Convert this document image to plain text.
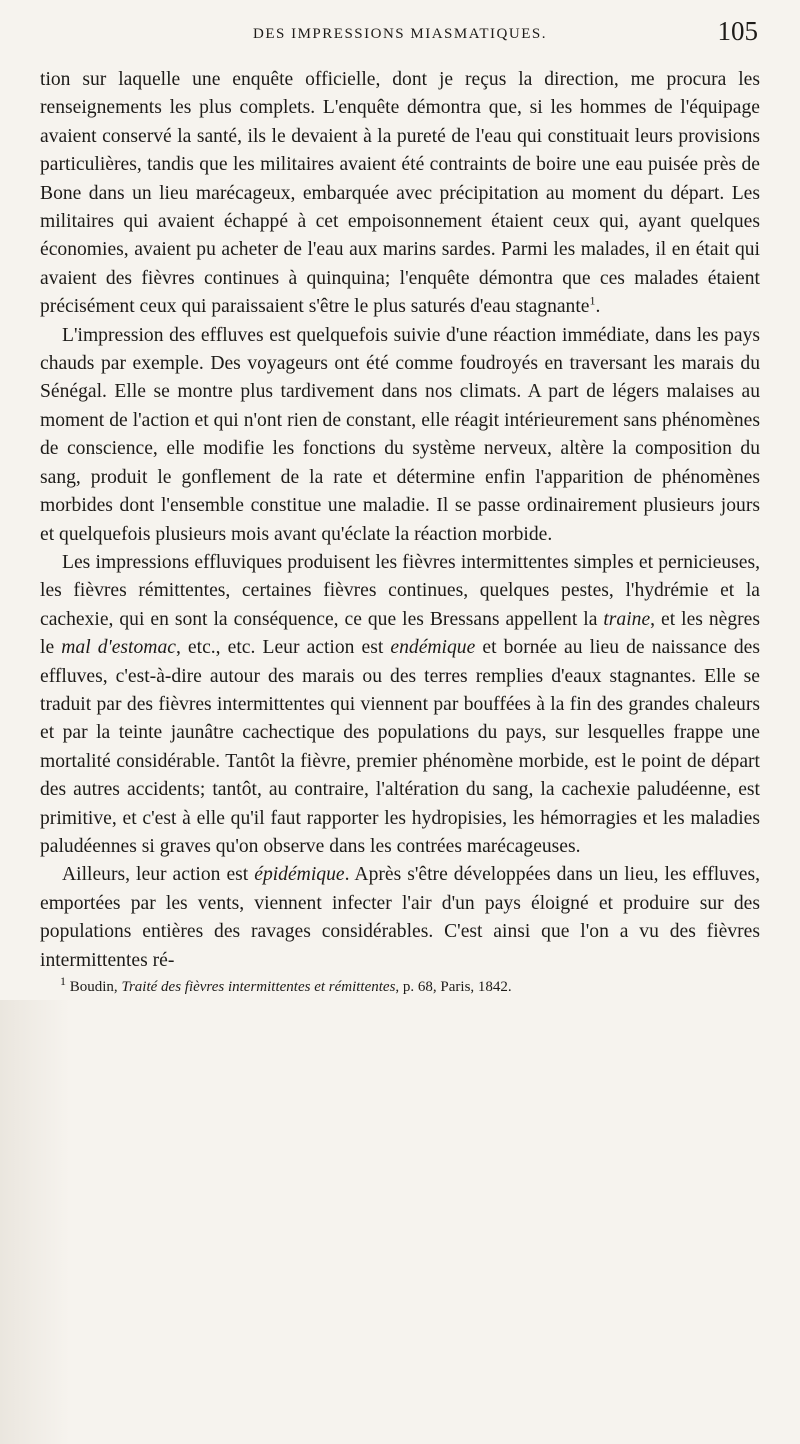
DES IMPRESSIONS MIASMATIQUES.	105

tion sur laquelle une enquête officielle, dont je reçus la direction, me procura les renseignements les plus complets. L'enquête démontra que, si les hommes de l'équipage avaient conservé la santé, ils le devaient à la pureté de l'eau qui constituait leurs provisions particulières, tandis que les militaires avaient été contraints de boire une eau puisée près de Bone dans un lieu marécageux, embarquée avec précipitation au moment du départ. Les militaires qui avaient échappé à cet empoisonnement étaient ceux qui, ayant quelques économies, avaient pu acheter de l'eau aux marins sardes. Parmi les malades, il en était qui avaient des fièvres continues à quinquina; l'enquête démontra que ces malades étaient précisément ceux qui paraissaient s'être le plus saturés d'eau stagnante$^1$.

L'impression des effluves est quelquefois suivie d'une réaction immédiate, dans les pays chauds par exemple. Des voyageurs ont été comme foudroyés en traversant les marais du Sénégal. Elle se montre plus tardivement dans nos climats. A part de légers malaises au moment de l'action et qui n'ont rien de constant, elle réagit intérieurement sans phénomènes de conscience, elle modifie les fonctions du système nerveux, altère la composition du sang, produit le gonflement de la rate et détermine enfin l'apparition de phénomènes morbides dont l'ensemble constitue une maladie. Il se passe ordinairement plusieurs jours et quelquefois plusieurs mois avant qu'éclate la réaction morbide.

Les impressions effluviques produisent les fièvres intermittentes simples et pernicieuses, les fièvres rémittentes, certaines fièvres continues, quelques pestes, l'hydrémie et la cachexie, qui en sont la conséquence, ce que les Bressans appellent la traine, et les nègres le mal d'estomac, etc., etc. Leur action est endémique et bornée au lieu de naissance des effluves, c'est-à-dire autour des marais ou des terres remplies d'eaux stagnantes. Elle se traduit par des fièvres intermittentes qui viennent par bouffées à la fin des grandes chaleurs et par la teinte jaunâtre cachectique des populations du pays, sur lesquelles frappe une mortalité considérable. Tantôt la fièvre, premier phénomène morbide, est le point de départ des autres accidents; tantôt, au contraire, l'altération du sang, la cachexie paludéenne, est primitive, et c'est à elle qu'il faut rapporter les hydropisies, les hémorragies et les maladies paludéennes si graves qu'on observe dans les contrées marécageuses.

Ailleurs, leur action est épidémique. Après s'être développées dans un lieu, les effluves, emportées par les vents, viennent infecter l'air d'un pays éloigné et produire sur des populations entières des ravages considérables. C'est ainsi que l'on a vu des fièvres intermittentes ré-

$^1$ Boudin, Traité des fièvres intermittentes et rémittentes, p. 68, Paris, 1842.
